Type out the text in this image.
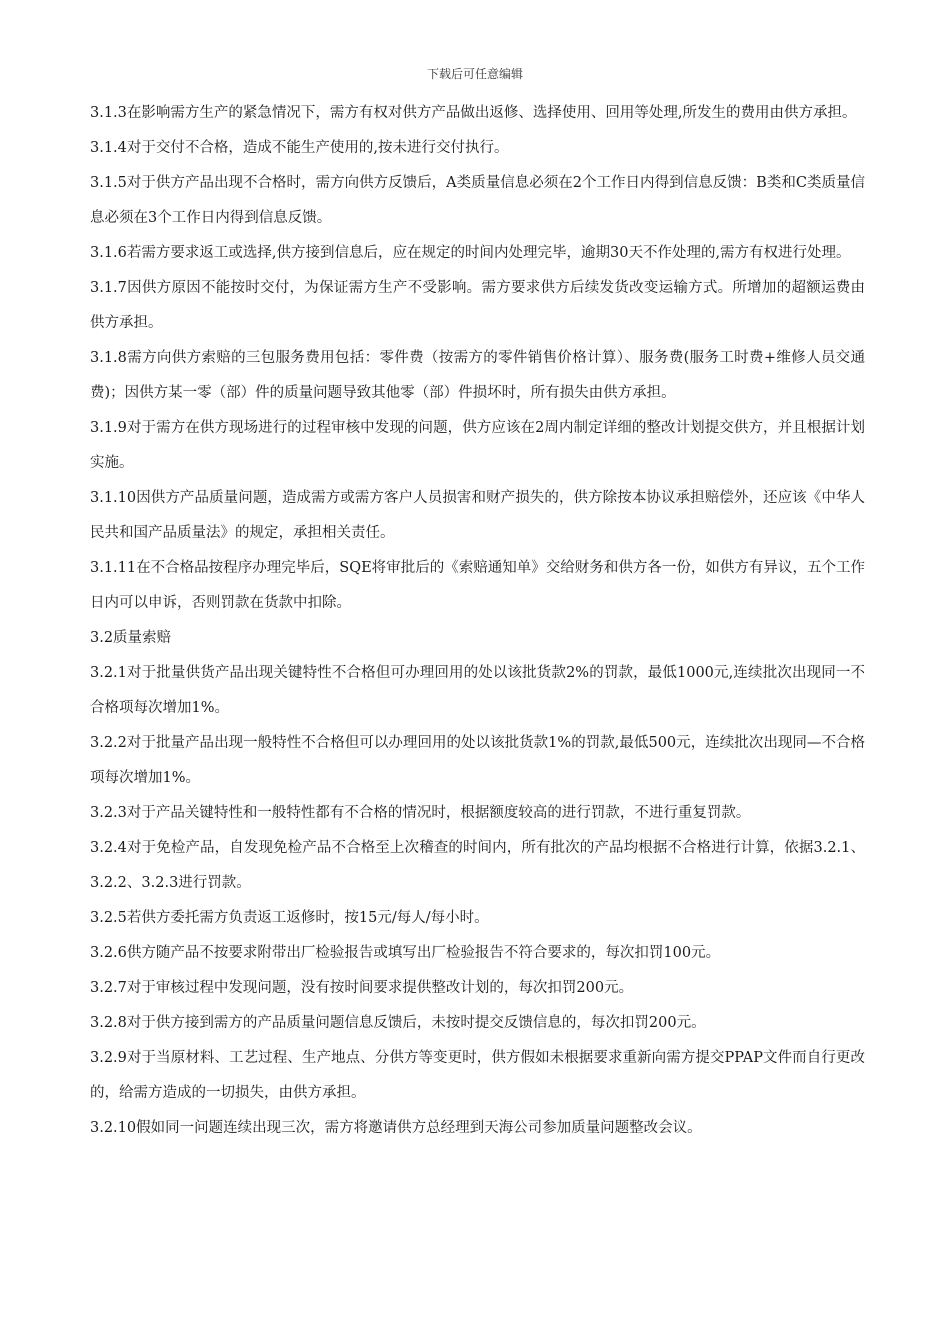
下载后可任意编辑

3.1.3在影响需方生产的紧急情况下，需方有权对供方产品做出返修、选择使用、回用等处理,所发生的费用由供方承担。

3.1.4对于交付不合格，造成不能生产使用的,按未进行交付执行。

3.1.5对于供方产品出现不合格时，需方向供方反馈后，A类质量信息必须在2个工作日内得到信息反馈：B类和C类质量信息必须在3个工作日内得到信息反馈。

3.1.6若需方要求返工或选择,供方接到信息后，应在规定的时间内处理完毕，逾期30天不作处理的,需方有权进行处理。

3.1.7因供方原因不能按时交付，为保证需方生产不受影响。需方要求供方后续发货改变运输方式。所增加的超额运费由供方承担。

3.1.8需方向供方索赔的三包服务费用包括：零件费（按需方的零件销售价格计算）、服务费(服务工时费+维修人员交通费)；因供方某一零（部）件的质量问题导致其他零（部）件损坏时，所有损失由供方承担。

3.1.9对于需方在供方现场进行的过程审核中发现的问题，供方应该在2周内制定详细的整改计划提交供方，并且根据计划实施。

3.1.10因供方产品质量问题，造成需方或需方客户人员损害和财产损失的，供方除按本协议承担赔偿外，还应该《中华人民共和国产品质量法》的规定，承担相关责任。

3.1.11在不合格品按程序办理完毕后，SQE将审批后的《索赔通知单》交给财务和供方各一份，如供方有异议，五个工作日内可以申诉，否则罚款在货款中扣除。

3.2质量索赔

3.2.1对于批量供货产品出现关键特性不合格但可办理回用的处以该批货款2%的罚款，最低1000元,连续批次出现同一不合格项每次增加1%。

3.2.2对于批量产品出现一般特性不合格但可以办理回用的处以该批货款1%的罚款,最低500元，连续批次出现同—不合格项每次增加1%。

3.2.3对于产品关键特性和一般特性都有不合格的情况时，根据额度较高的进行罚款，不进行重复罚款。

3.2.4对于免检产品，自发现免检产品不合格至上次稽查的时间内，所有批次的产品均根据不合格进行计算，依据3.2.1、3.2.2、3.2.3进行罚款。

3.2.5若供方委托需方负责返工返修时，按15元/每人/每小时。

3.2.6供方随产品不按要求附带出厂检验报告或填写出厂检验报告不符合要求的，每次扣罚100元。

3.2.7对于审核过程中发现问题，没有按时间要求提供整改计划的，每次扣罚200元。

3.2.8对于供方接到需方的产品质量问题信息反馈后，未按时提交反馈信息的，每次扣罚200元。

3.2.9对于当原材料、工艺过程、生产地点、分供方等变更时，供方假如未根据要求重新向需方提交PPAP文件而自行更改的，给需方造成的一切损失，由供方承担。

3.2.10假如同一问题连续出现三次，需方将邀请供方总经理到天海公司参加质量问题整改会议。
